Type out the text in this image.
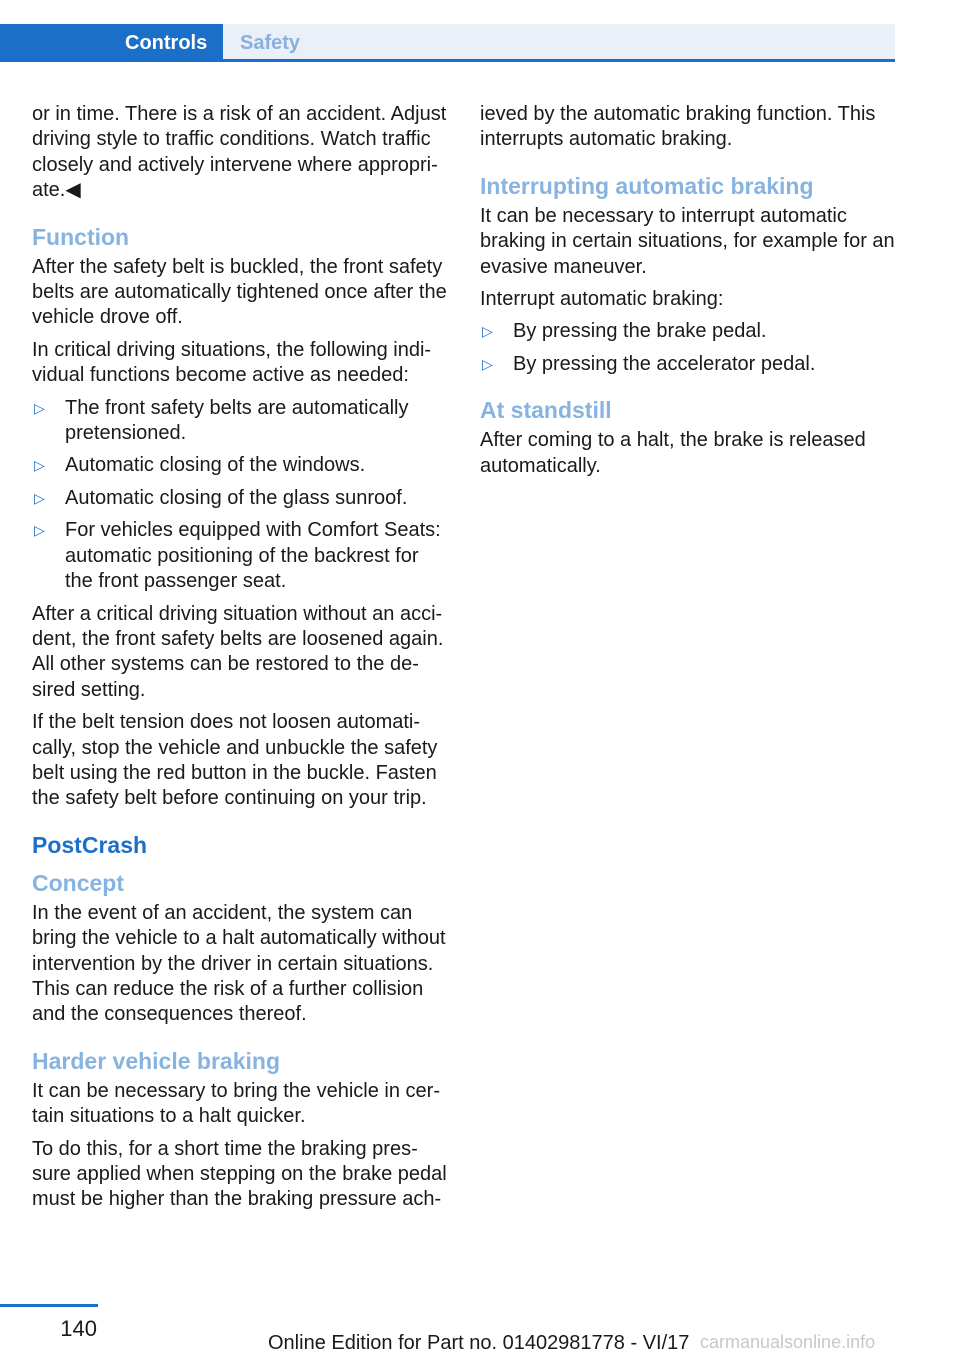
Controls	Safety

or in time. There is a risk of an accident. Adjust driving style to traffic conditions. Watch traffic closely and actively intervene where appropri-ate.◀

Function

After the safety belt is buckled, the front safety belts are automatically tightened once after the vehicle drove off.

In critical driving situations, the following indi-vidual functions become active as needed:

▷ The front safety belts are automatically pretensioned.
▷ Automatic closing of the windows.
▷ Automatic closing of the glass sunroof.
▷ For vehicles equipped with Comfort Seats: automatic positioning of the backrest for the front passenger seat.

After a critical driving situation without an acci-dent, the front safety belts are loosened again. All other systems can be restored to the de-sired setting.

If the belt tension does not loosen automati-cally, stop the vehicle and unbuckle the safety belt using the red button in the buckle. Fasten the safety belt before continuing on your trip.

PostCrash
Concept

In the event of an accident, the system can bring the vehicle to a halt automatically without intervention by the driver in certain situations. This can reduce the risk of a further collision and the consequences thereof.

Harder vehicle braking

It can be necessary to bring the vehicle in cer-tain situations to a halt quicker.

To do this, for a short time the braking pres-sure applied when stepping on the brake pedal must be higher than the braking pressure ach-

ieved by the automatic braking function. This interrupts automatic braking.

Interrupting automatic braking

It can be necessary to interrupt automatic braking in certain situations, for example for an evasive maneuver.

Interrupt automatic braking:

▷ By pressing the brake pedal.
▷ By pressing the accelerator pedal.
At standstill

After coming to a halt, the brake is released automatically.

140
Online Edition for Part no. 01402981778 - VI/17 carmanualsonline.info
